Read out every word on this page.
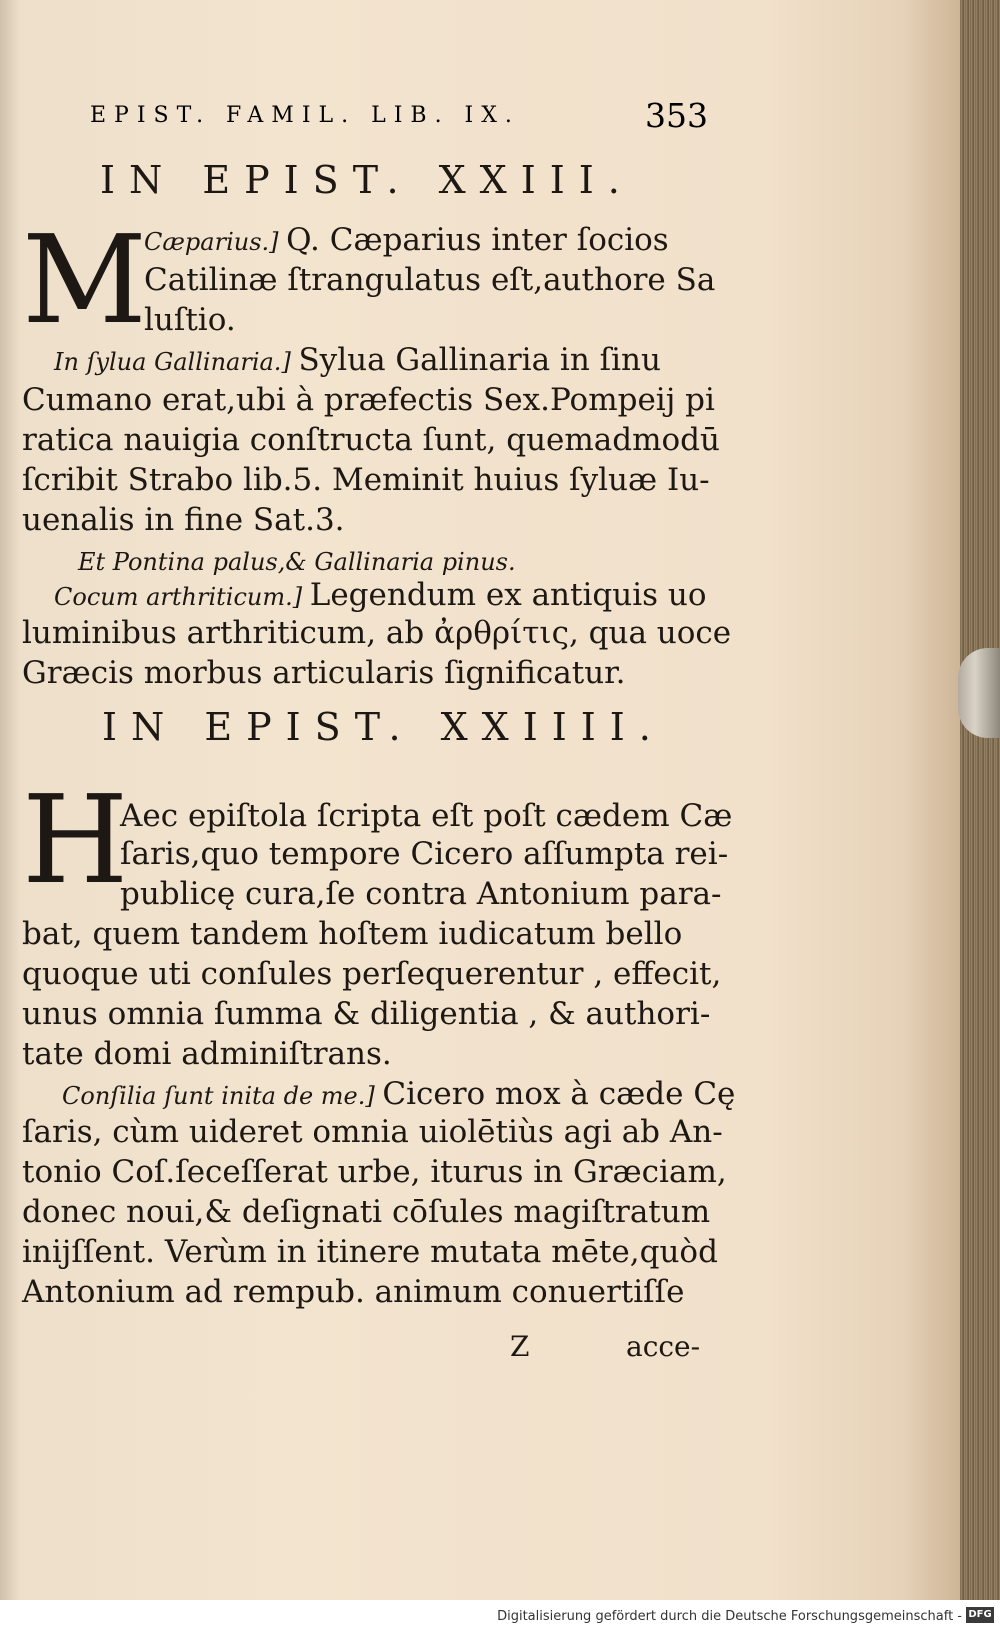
EPIST. FAMIL. LIB. IX.	353
IN EPIST. XXIII.
M
Cæparius.] Q. Cæparius inter ſocios
Catilinæ ſtrangulatus eſt,authore Sa
luſtio.
In ſylua Gallinaria.] Sylua Gallinaria in ſinu
Cumano erat,ubi à præfectis Sex.Pompeij pi
ratica nauigia conſtructa ſunt, quemadmodū
ſcribit Strabo lib.5. Meminit huius ſyluæ Iu-
uenalis in fine Sat.3.
Et Pontina palus,& Gallinaria pinus.
Cocum arthriticum.] Legendum ex antiquis uo
luminibus arthriticum, ab ἀρθρίτις, qua uoce
Græcis morbus articularis ſignificatur.
IN EPIST. XXIIII.
H
Aec epiſtola ſcripta eſt poſt cædem Cæ
ſaris,quo tempore Cicero aſſumpta rei-
publicę cura,ſe contra Antonium para-
bat, quem tandem hoſtem iudicatum bello
quoque uti conſules perſequerentur , effecit,
unus omnia ſumma & diligentia , & authori-
tate domi adminiſtrans.
Conſilia ſunt inita de me.] Cicero mox à cæde Cę
ſaris, cùm uideret omnia uiolētiùs agi ab An-
tonio Coſ.ſeceſſerat urbe, iturus in Græciam,
donec noui,& deſignati cōſules magiſtratum
inijſſent. Verùm in itinere mutata mēte,quòd
Antonium ad rempub. animum conuertiſſe
Z	acce-
Digitalisierung gefördert durch die Deutsche Forschungsgemeinschaft - DFG
